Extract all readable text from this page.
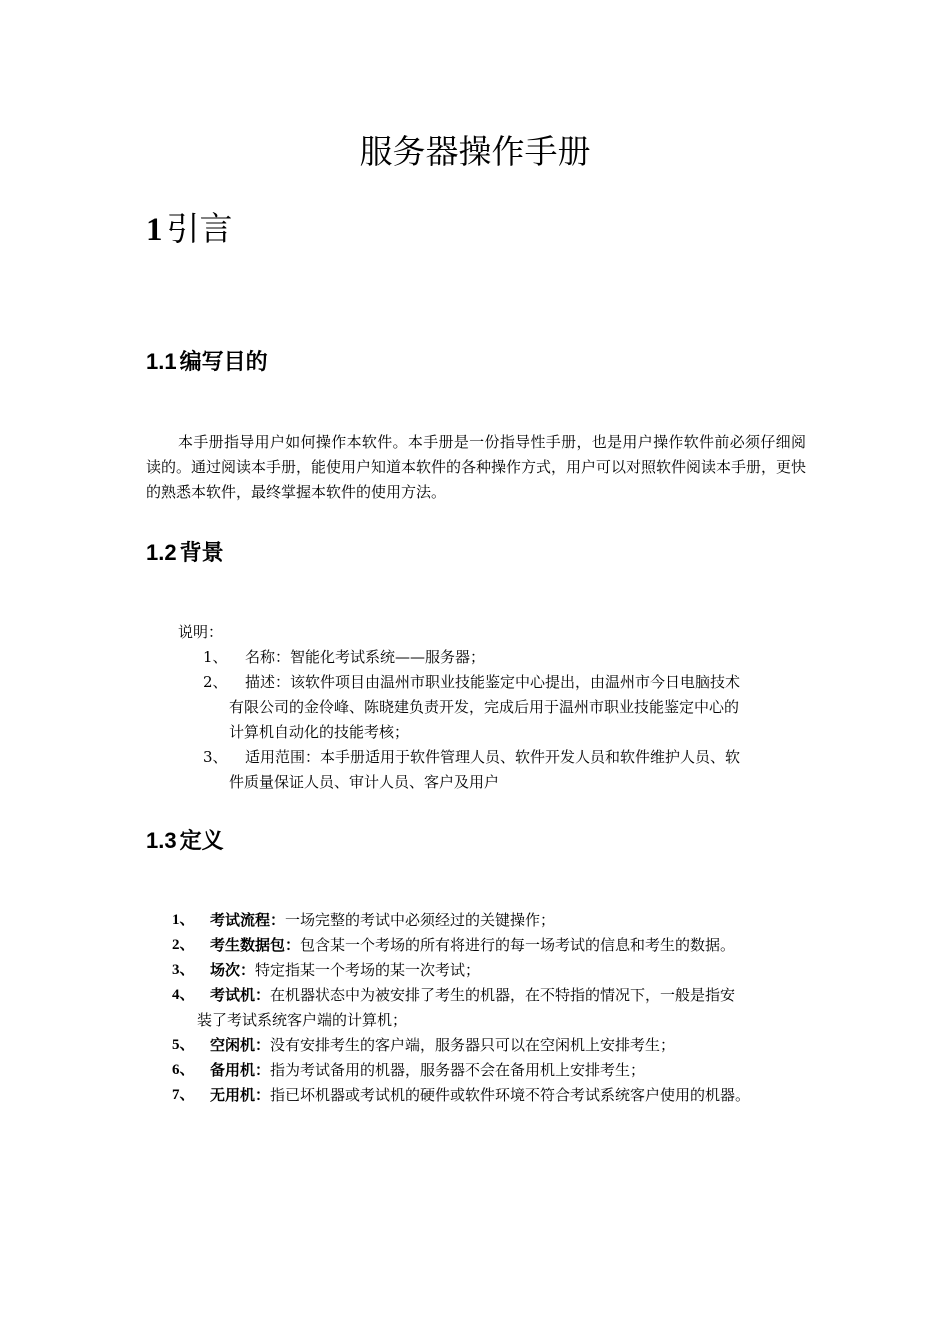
服务器操作手册
1 引言
1.1 编写目的
本手册指导用户如何操作本软件。本手册是一份指导性手册，也是用户操作软件前必须仔细阅读的。通过阅读本手册，能使用户知道本软件的各种操作方式，用户可以对照软件阅读本手册，更快的熟悉本软件，最终掌握本软件的使用方法。
1.2 背景
说明：
1、 名称：智能化考试系统——服务器；
2、 描述：该软件项目由温州市职业技能鉴定中心提出，由温州市今日电脑技术
有限公司的金伶峰、陈晓建负责开发，完成后用于温州市职业技能鉴定中心的
计算机自动化的技能考核；
3、 适用范围：本手册适用于软件管理人员、软件开发人员和软件维护人员、软
件质量保证人员、审计人员、客户及用户
1.3 定义
1、 考试流程：一场完整的考试中必须经过的关键操作；
2、 考生数据包：包含某一个考场的所有将进行的每一场考试的信息和考生的数据。
3、 场次：特定指某一个考场的某一次考试；
4、 考试机：在机器状态中为被安排了考生的机器，在不特指的情况下，一般是指安
装了考试系统客户端的计算机；
5、 空闲机：没有安排考生的客户端，服务器只可以在空闲机上安排考生；
6、 备用机：指为考试备用的机器，服务器不会在备用机上安排考生；
7、 无用机：指已坏机器或考试机的硬件或软件环境不符合考试系统客户使用的机器。
